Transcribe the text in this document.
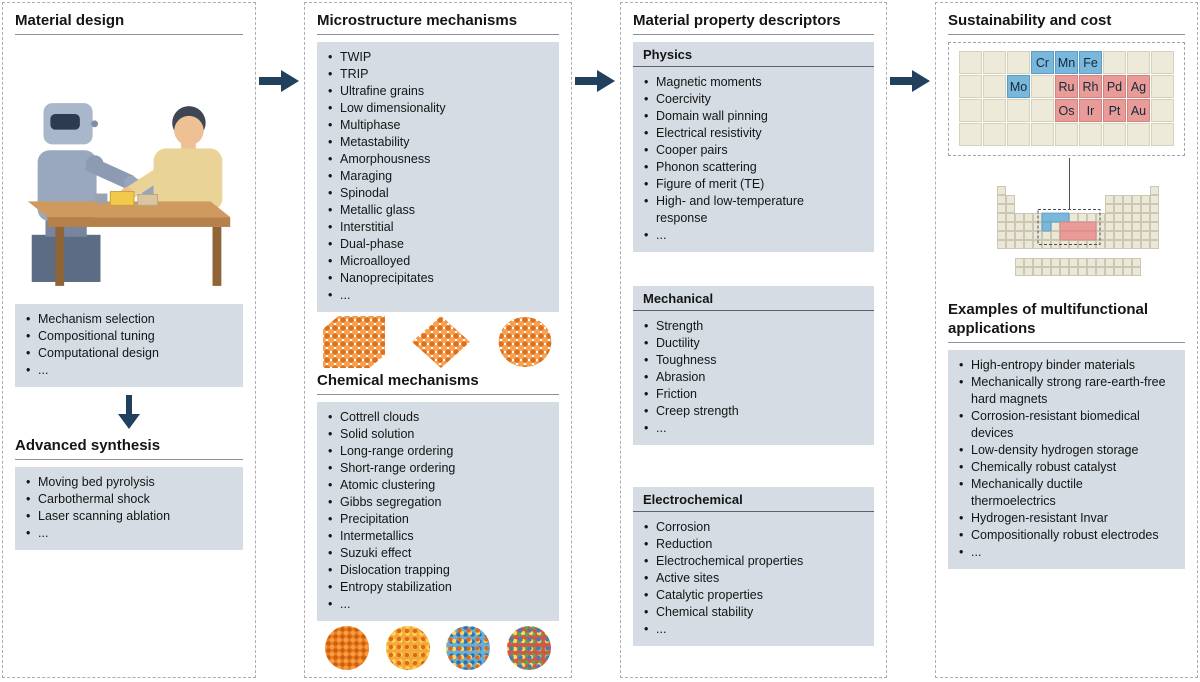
Material design
• Mechanism selection
• Compositional tuning
• Computational design
• ...
Advanced synthesis
• Moving bed pyrolysis
• Carbothermal shock
• Laser scanning ablation
• ...
Microstructure mechanisms
• TWIP
• TRIP
• Ultrafine grains
• Low dimensionality
• Multiphase
• Metastability
• Amorphousness
• Maraging
• Spinodal
• Metallic glass
• Interstitial
• Dual-phase
• Microalloyed
• Nanoprecipitates
• ...
Chemical mechanisms
• Cottrell clouds
• Solid solution
• Long-range ordering
• Short-range ordering
• Atomic clustering
• Gibbs segregation
• Precipitation
• Intermetallics
• Suzuki effect
• Dislocation trapping
• Entropy stabilization
• ...
Material property descriptors
Physics
• Magnetic moments
• Coercivity
• Domain wall pinning
• Electrical resistivity
• Cooper pairs
• Phonon scattering
• Figure of merit (TE)
• High- and low-temperature response
• ...
Mechanical
• Strength
• Ductility
• Toughness
• Abrasion
• Friction
• Creep strength
• ...
Electrochemical
• Corrosion
• Reduction
• Electrochemical properties
• Active sites
• Catalytic properties
• Chemical stability
• ...
Sustainability and cost
Cr Mn Fe
Mo	Ru Rh Pd Ag
Os Ir	Pt Au
Examples of multifunctional applications
• High-entropy binder materials
• Mechanically strong rare-earth-free hard magnets
• Corrosion-resistant biomedical devices
• Low-density hydrogen storage
• Chemically robust catalyst
• Mechanically ductile thermoelectrics
• Hydrogen-resistant Invar
• Compositionally robust electrodes
• ...
